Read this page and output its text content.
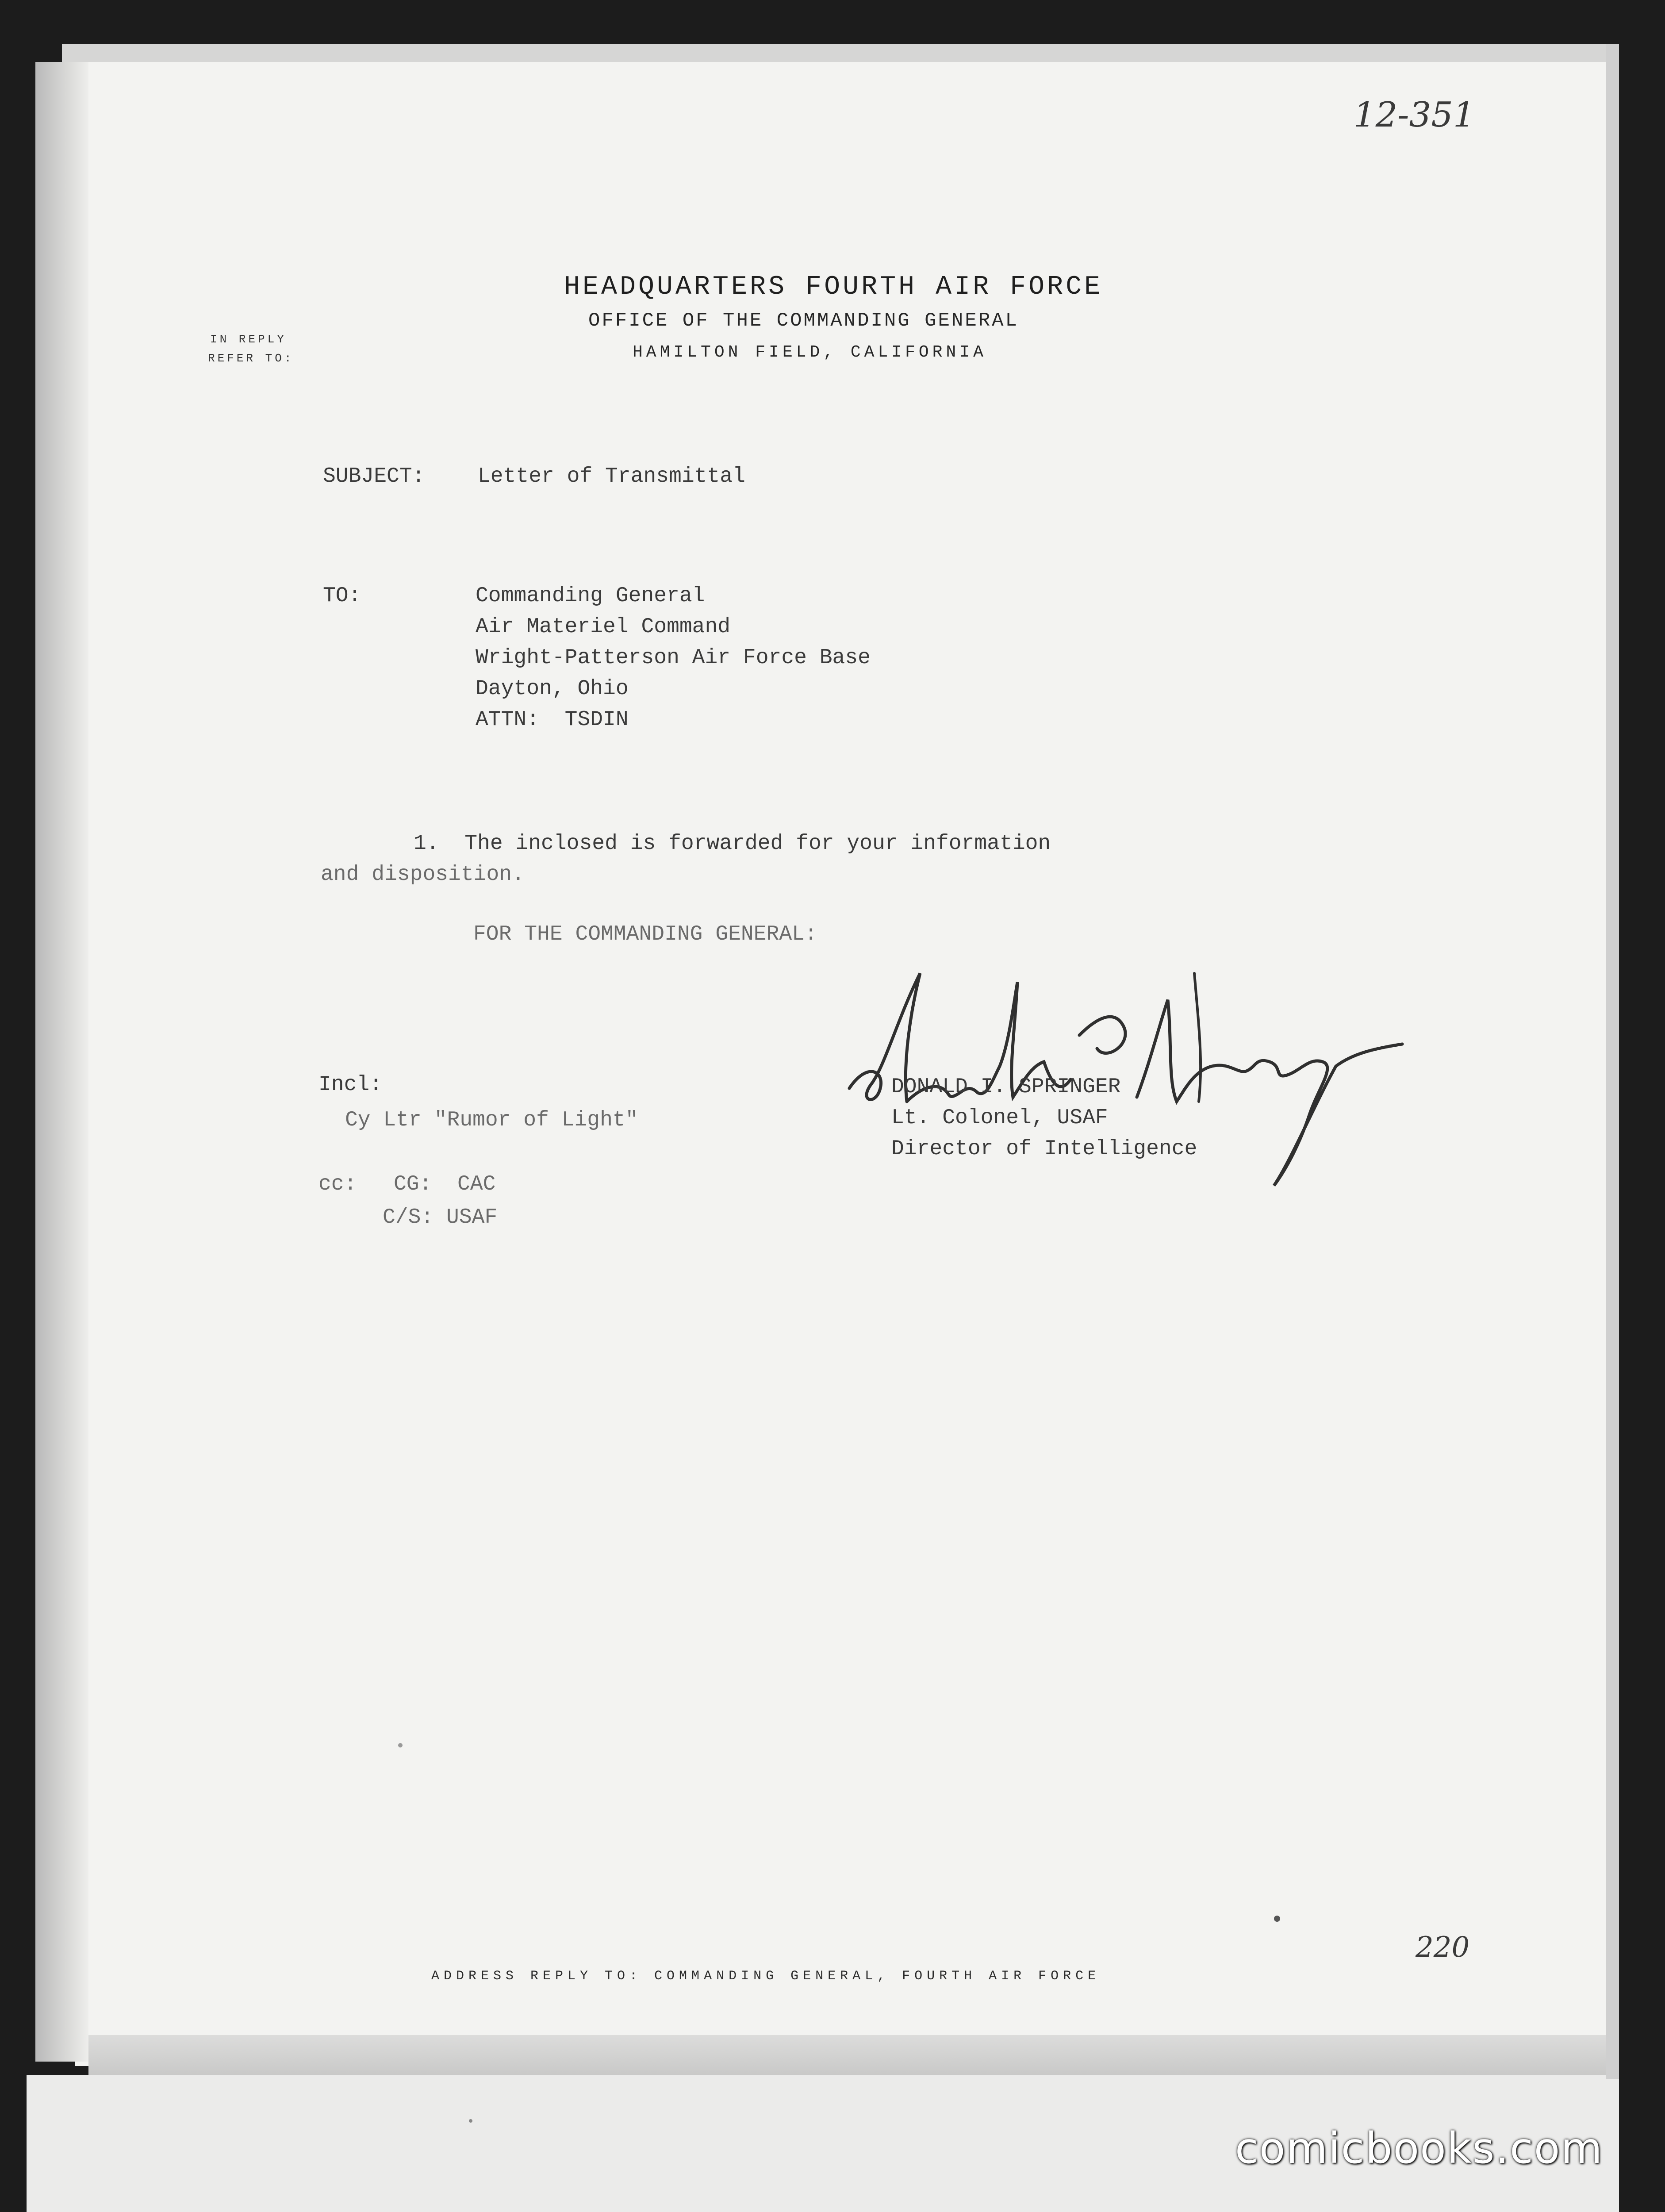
12-351
HEADQUARTERS FOURTH AIR FORCE
OFFICE OF THE COMMANDING GENERAL
HAMILTON FIELD, CALIFORNIA
IN REPLY
REFER TO:
SUBJECT: Letter of Transmittal
TO:	Commanding General
Air Materiel Command
Wright-Patterson Air Force Base
Dayton, Ohio
ATTN:  TSDIN
1.  The inclosed is forwarded for your information
and disposition.
FOR THE COMMANDING GENERAL:
DONALD I. SPRINGER
Lt. Colonel, USAF
Director of Intelligence
Incl:
Cy Ltr "Rumor of Light"
cc: CG:  CAC
C/S: USAF
ADDRESS REPLY TO: COMMANDING GENERAL, FOURTH AIR FORCE
220
comicbooks.com
